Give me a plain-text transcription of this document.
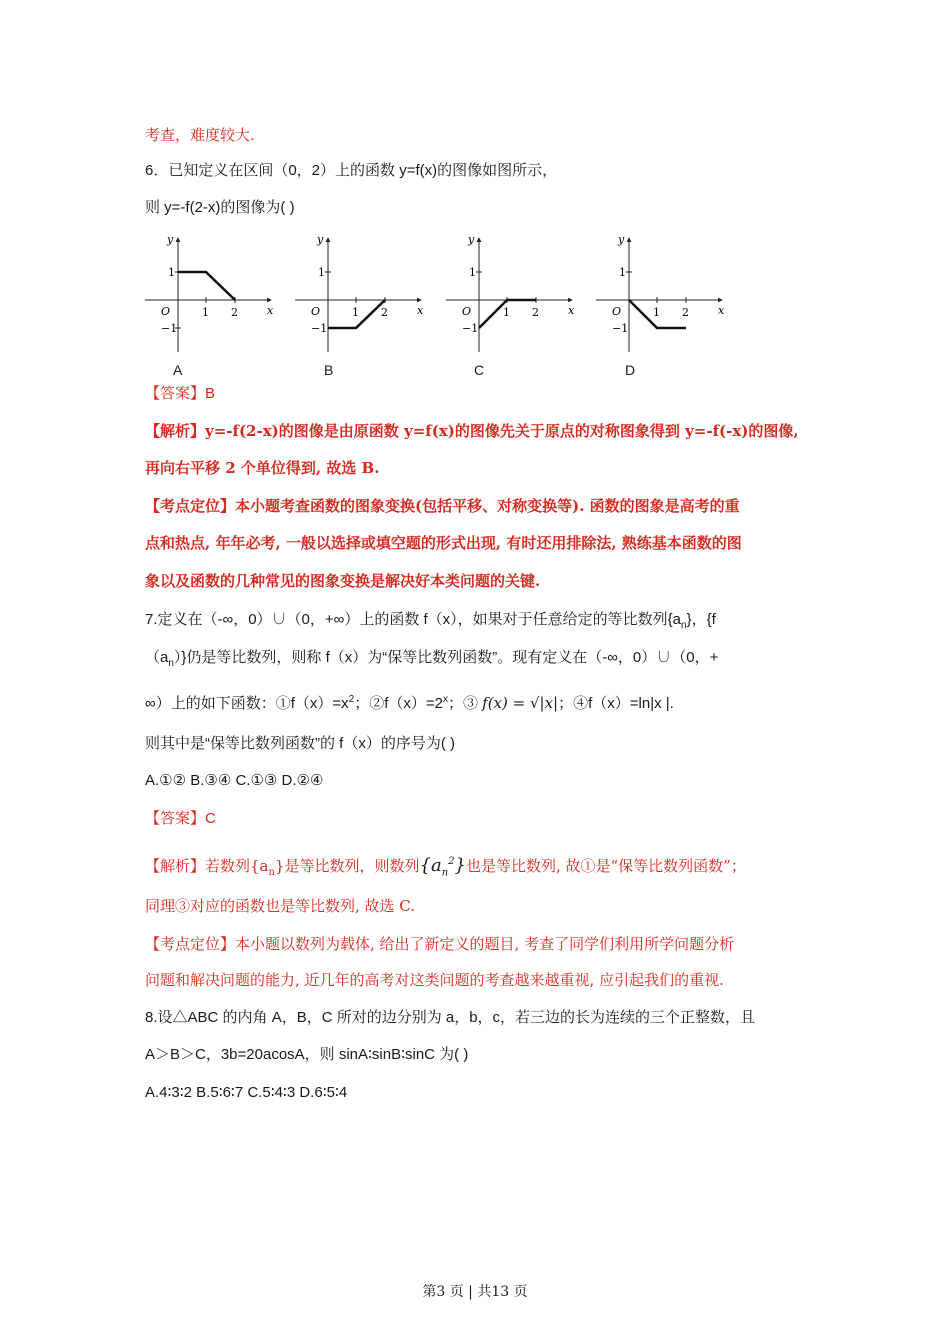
考查，难度较大.
6．已知定义在区间（0，2）上的函数 y=f(x)的图像如图所示，
则 y=-f(2-x)的图像为( )
y
x
O
1
−1
1 2
A
y
x
O
1
−1
1 2
B
y
x
O
1
−1
1 2
C
y
x
O
1
−1
1 2
D
【答案】B
【解析】y=-f(2-x)的图像是由原函数 y=f(x)的图像先关于原点的对称图象得到 y=-f(-x)的图像,
再向右平移 2 个单位得到, 故选 B.
【考点定位】本小题考查函数的图象变换(包括平移、对称变换等). 函数的图象是高考的重
点和热点, 年年必考, 一般以选择或填空题的形式出现, 有时还用排除法, 熟练基本函数的图
象以及函数的几种常见的图象变换是解决好本类问题的关键.
7.定义在（-∞，0）∪（0，+∞）上的函数 f（x），如果对于任意给定的等比数列$\{a_n\}$，{f
$(a_n)$}仍是等比数列，则称 f（x）为“保等比数列函数”。现有定义在（-∞，0）∪（0，+
∞）上的如下函数：$①f(x)=x^2$；$②f(x)=2^x$；③ f(x) = √|x|；④f（x）=ln|x |.
则其中是“保等比数列函数”的 f（x）的序号为( )
A.①② B.③④ C.①③ D.②④
【答案】C
【解析】若数列$\{a_n\}$是等比数列，则数列$\{a_n^2\}$也是等比数列, 故①是“保等比数列函数”；
同理③对应的函数也是等比数列, 故选 C.
【考点定位】本小题以数列为载体, 给出了新定义的题目, 考查了同学们利用所学问题分析
问题和解决问题的能力, 近几年的高考对这类问题的考查越来越重视, 应引起我们的重视.
8.设△ABC 的内角 A，B，C 所对的边分别为 a，b，c，若三边的长为连续的三个正整数，且
A＞B＞C，3b=20acosA，则 sinA∶sinB∶sinC 为( )
A.4∶3∶2 B.5∶6∶7 C.5∶4∶3 D.6∶5∶4
第3 页 | 共13 页
